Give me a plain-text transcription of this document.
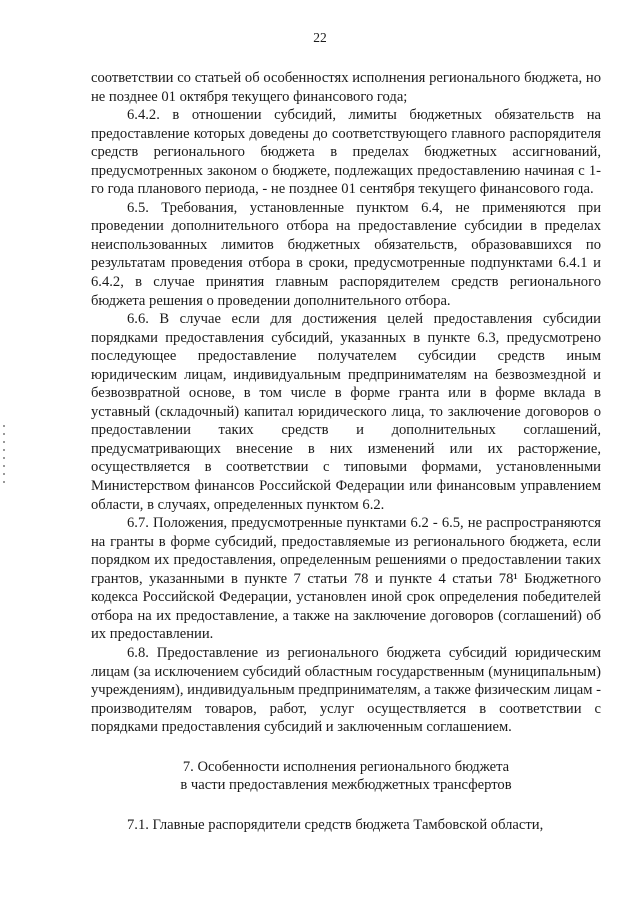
22

соответствии со статьей об особенностях исполнения регионального бюджета, но не позднее 01 октября текущего финансового года;

6.4.2. в отношении субсидий, лимиты бюджетных обязательств на предоставление которых доведены до соответствующего главного распорядителя средств регионального бюджета в пределах бюджетных ассигнований, предусмотренных законом о бюджете, подлежащих предоставлению начиная с 1-го года планового периода, - не позднее 01 сентября текущего финансового года.

6.5. Требования, установленные пунктом 6.4, не применяются при проведении дополнительного отбора на предоставление субсидии в пределах неиспользованных лимитов бюджетных обязательств, образовавшихся по результатам проведения отбора в сроки, предусмотренные подпунктами 6.4.1 и 6.4.2, в случае принятия главным распорядителем средств регионального бюджета решения о проведении дополнительного отбора.

6.6. В случае если для достижения целей предоставления субсидии порядками предоставления субсидий, указанных в пункте 6.3, предусмотрено последующее предоставление получателем субсидии средств иным юридическим лицам, индивидуальным предпринимателям на безвозмездной и безвозвратной основе, в том числе в форме гранта или в форме вклада в уставный (складочный) капитал юридического лица, то заключение договоров о предоставлении таких средств и дополнительных соглашений, предусматривающих внесение в них изменений или их расторжение, осуществляется в соответствии с типовыми формами, установленными Министерством финансов Российской Федерации или финансовым управлением области, в случаях, определенных пунктом 6.2.

6.7. Положения, предусмотренные пунктами 6.2 - 6.5, не распространяются на гранты в форме субсидий, предоставляемые из регионального бюджета, если порядком их предоставления, определенным решениями о предоставлении таких грантов, указанными в пункте 7 статьи 78 и пункте 4 статьи 78¹ Бюджетного кодекса Российской Федерации, установлен иной срок определения победителей отбора на их предоставление, а также на заключение договоров (соглашений) об их предоставлении.

6.8. Предоставление из регионального бюджета субсидий юридическим лицам (за исключением субсидий областным государственным (муниципальным) учреждениям), индивидуальным предпринимателям, а также физическим лицам - производителям товаров, работ, услуг осуществляется в соответствии с порядками предоставления субсидий и заключенным соглашением.

7. Особенности исполнения регионального бюджета
в части предоставления межбюджетных трансфертов

7.1. Главные распорядители средств бюджета Тамбовской области,
